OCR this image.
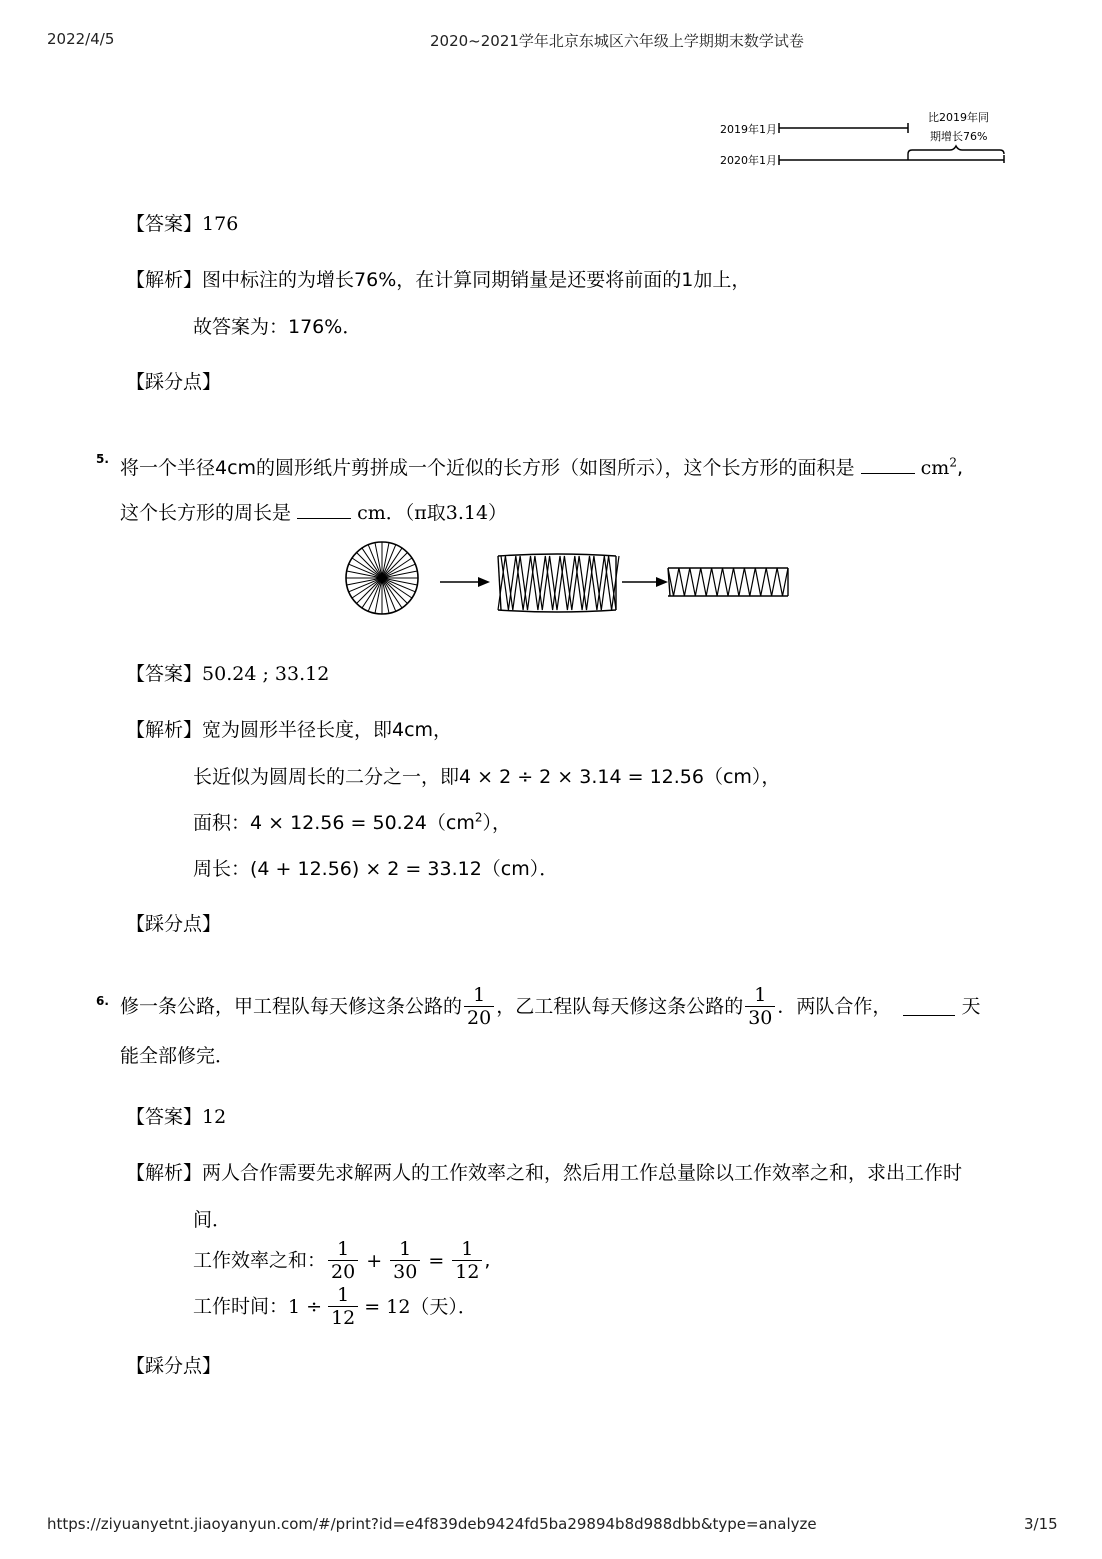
2022/4/5	2020~2021学年北京东城区六年级上学期期末数学试卷
2019年1月
2020年1月
比2019年同
期增长76%
【答案】176
【解析】图中标注的为增长76%，在计算同期销量是还要将前面的1加上，
故答案为：176%．
【踩分点】
5. 将一个半径4cm的圆形纸片剪拼成一个近似的长方形（如图所示），这个长方形的面积是	$cm^2$,
这个长方形的周长是	cm．（π取3.14）
【答案】50.24 ; 33.12
【解析】宽为圆形半径长度，即4cm，
长近似为圆周长的二分之一，即4 × 2 ÷ 2 × 3.14 = 12.56（cm），
面积：$4 \times 12.56 = 50.24(cm^2)$，
周长：(4 + 12.56) × 2 = 33.12（cm）．
【踩分点】
6. 修一条公路，甲工程队每天修这条公路的 $\frac{1}{20}$ ，乙工程队每天修这条公路的 $\frac{1}{30}$ ．两队合作，	天
能全部修完．
【答案】12
【解析】两人合作需要先求解两人的工作效率之和，然后用工作总量除以工作效率之和，求出工作时
间．
工作效率之和： $\frac{1}{20} + \frac{1}{30} = \frac{1}{12}$ ,
工作时间：$1 \div \frac{1}{12} = 12$（天）．
【踩分点】
https://ziyuanyetnt.jiaoyanyun.com/#/print?id=e4f839deb9424fd5ba29894b8d988dbb&type=analyze	3/15
